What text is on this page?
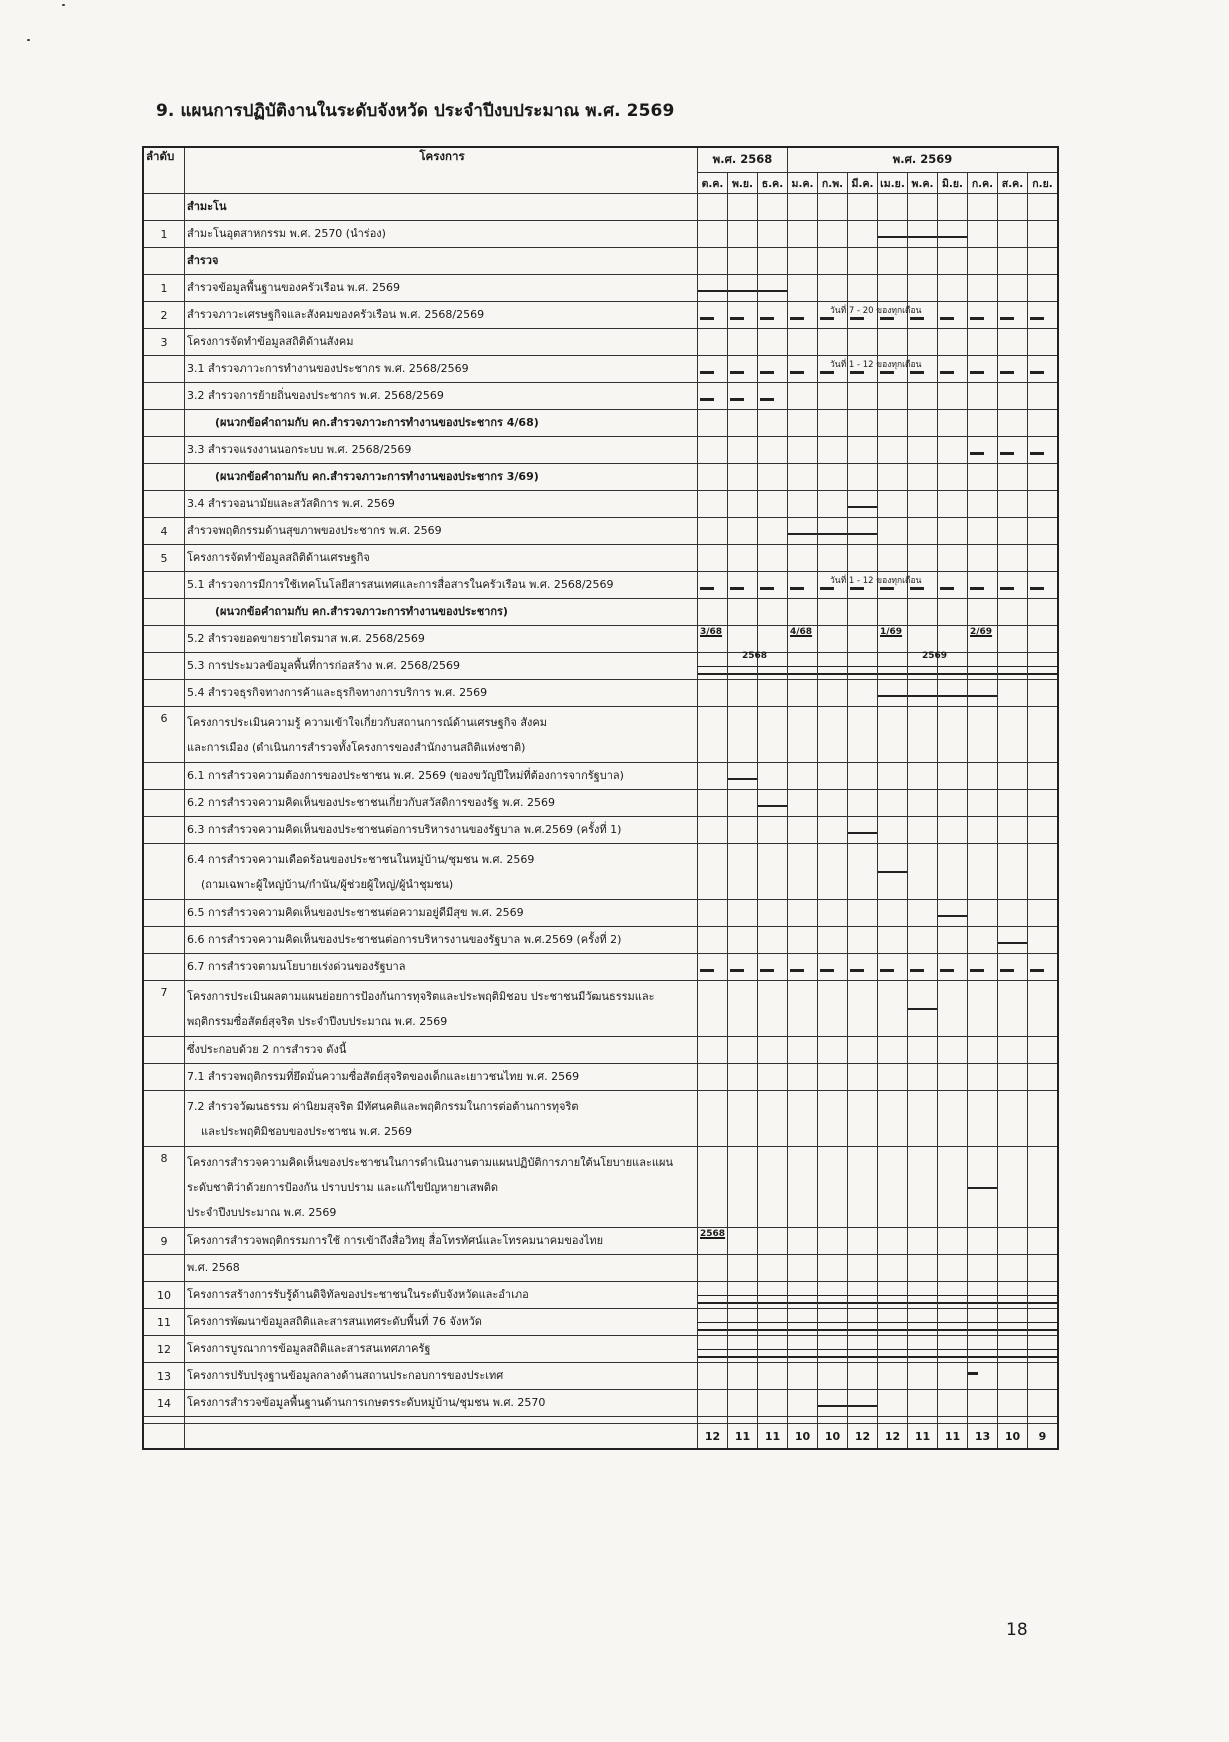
9. แผนการปฏิบัติงานในระดับจังหวัด ประจำปีงบประมาณ พ.ศ. 2569
ลำดับ	โครงการ	พ.ศ. 2568			พ.ศ. 2569								
		ต.ค.	พ.ย.	ธ.ค.	ม.ค.	ก.พ.	มี.ค.	เม.ย.	พ.ค.	มิ.ย.	ก.ค.	ส.ค.	ก.ย.

	สำมะโน												

1	สำมะโนอุตสาหกรรม พ.ศ. 2570 (นำร่อง)												

	สำรวจ												

1	สำรวจข้อมูลพื้นฐานของครัวเรือน พ.ศ. 2569												

2	สำรวจภาวะเศรษฐกิจและสังคมของครัวเรือน พ.ศ. 2568/2569					วันที่ 7 - 20 ของทุกเดือน							

3	โครงการจัดทำข้อมูลสถิติด้านสังคม												

	3.1 สำรวจภาวะการทำงานของประชากร พ.ศ. 2568/2569					วันที่ 1 - 12 ของทุกเดือน							

	3.2 สำรวจการย้ายถิ่นของประชากร พ.ศ. 2568/2569												

	(ผนวกข้อคำถามกับ คก.สำรวจภาวะการทำงานของประชากร 4/68)												

	3.3 สำรวจแรงงานนอกระบบ พ.ศ. 2568/2569												

	(ผนวกข้อคำถามกับ คก.สำรวจภาวะการทำงานของประชากร 3/69)												

	3.4 สำรวจอนามัยและสวัสดิการ พ.ศ. 2569												

4	สำรวจพฤติกรรมด้านสุขภาพของประชากร พ.ศ. 2569												

5	โครงการจัดทำข้อมูลสถิติด้านเศรษฐกิจ												

	5.1 สำรวจการมีการใช้เทคโนโลยีสารสนเทศและการสื่อสารในครัวเรือน พ.ศ. 2568/2569					วันที่ 1 - 12 ของทุกเดือน							

	(ผนวกข้อคำถามกับ คก.สำรวจภาวะการทำงานของประชากร)												

	5.2 สำรวจยอดขายรายไตรมาส พ.ศ. 2568/2569	3/68			4/68			1/69			2/69		

	5.3 การประมวลข้อมูลพื้นที่การก่อสร้าง พ.ศ. 2568/2569		2568						2569				

	5.4 สำรวจธุรกิจทางการค้าและธุรกิจทางการบริการ พ.ศ. 2569												

6	โครงการประเมินความรู้ ความเข้าใจเกี่ยวกับสถานการณ์ด้านเศรษฐกิจ สังคม
และการเมือง (ดำเนินการสำรวจทั้งโครงการของสำนักงานสถิติแห่งชาติ)												

	6.1 การสำรวจความต้องการของประชาชน พ.ศ. 2569 (ของขวัญปีใหม่ที่ต้องการจากรัฐบาล)												

	6.2 การสำรวจความคิดเห็นของประชาชนเกี่ยวกับสวัสดิการของรัฐ พ.ศ. 2569												

	6.3 การสำรวจความคิดเห็นของประชาชนต่อการบริหารงานของรัฐบาล พ.ศ.2569 (ครั้งที่ 1)												

	6.4 การสำรวจความเดือดร้อนของประชาชนในหมู่บ้าน/ชุมชน พ.ศ. 2569
(ถามเฉพาะผู้ใหญ่บ้าน/กำนัน/ผู้ช่วยผู้ใหญ่/ผู้นำชุมชน)												

	6.5 การสำรวจความคิดเห็นของประชาชนต่อความอยู่ดีมีสุข พ.ศ. 2569												

	6.6 การสำรวจความคิดเห็นของประชาชนต่อการบริหารงานของรัฐบาล พ.ศ.2569 (ครั้งที่ 2)												

	6.7 การสำรวจตามนโยบายเร่งด่วนของรัฐบาล												

7	โครงการประเมินผลตามแผนย่อยการป้องกันการทุจริตและประพฤติมิชอบ ประชาชนมีวัฒนธรรมและ
พฤติกรรมซื่อสัตย์สุจริต ประจำปีงบประมาณ พ.ศ. 2569												

	ซึ่งประกอบด้วย 2 การสำรวจ ดังนี้												

	7.1 สำรวจพฤติกรรมที่ยึดมั่นความซื่อสัตย์สุจริตของเด็กและเยาวชนไทย พ.ศ. 2569												

	7.2 สำรวจวัฒนธรรม ค่านิยมสุจริต มีทัศนคติและพฤติกรรมในการต่อต้านการทุจริต
และประพฤติมิชอบของประชาชน พ.ศ. 2569												

8	โครงการสำรวจความคิดเห็นของประชาชนในการดำเนินงานตามแผนปฏิบัติการภายใต้นโยบายและแผน
ระดับชาติว่าด้วยการป้องกัน ปราบปราม และแก้ไขปัญหายาเสพติด
ประจำปีงบประมาณ พ.ศ. 2569												

9	โครงการสำรวจพฤติกรรมการใช้ การเข้าถึงสื่อวิทยุ สื่อโทรทัศน์และโทรคมนาคมของไทย	2568											

	พ.ศ. 2568												

10	โครงการสร้างการรับรู้ด้านดิจิทัลของประชาชนในระดับจังหวัดและอำเภอ												

11	โครงการพัฒนาข้อมูลสถิติและสารสนเทศระดับพื้นที่ 76 จังหวัด												

12	โครงการบูรณาการข้อมูลสถิติและสารสนเทศภาครัฐ												

13	โครงการปรับปรุงฐานข้อมูลกลางด้านสถานประกอบการของประเทศ												

14	โครงการสำรวจข้อมูลพื้นฐานด้านการเกษตรระดับหมู่บ้าน/ชุมชน พ.ศ. 2570												

		12	11	11	10	10	12	12	11	11	13	10	9
18
